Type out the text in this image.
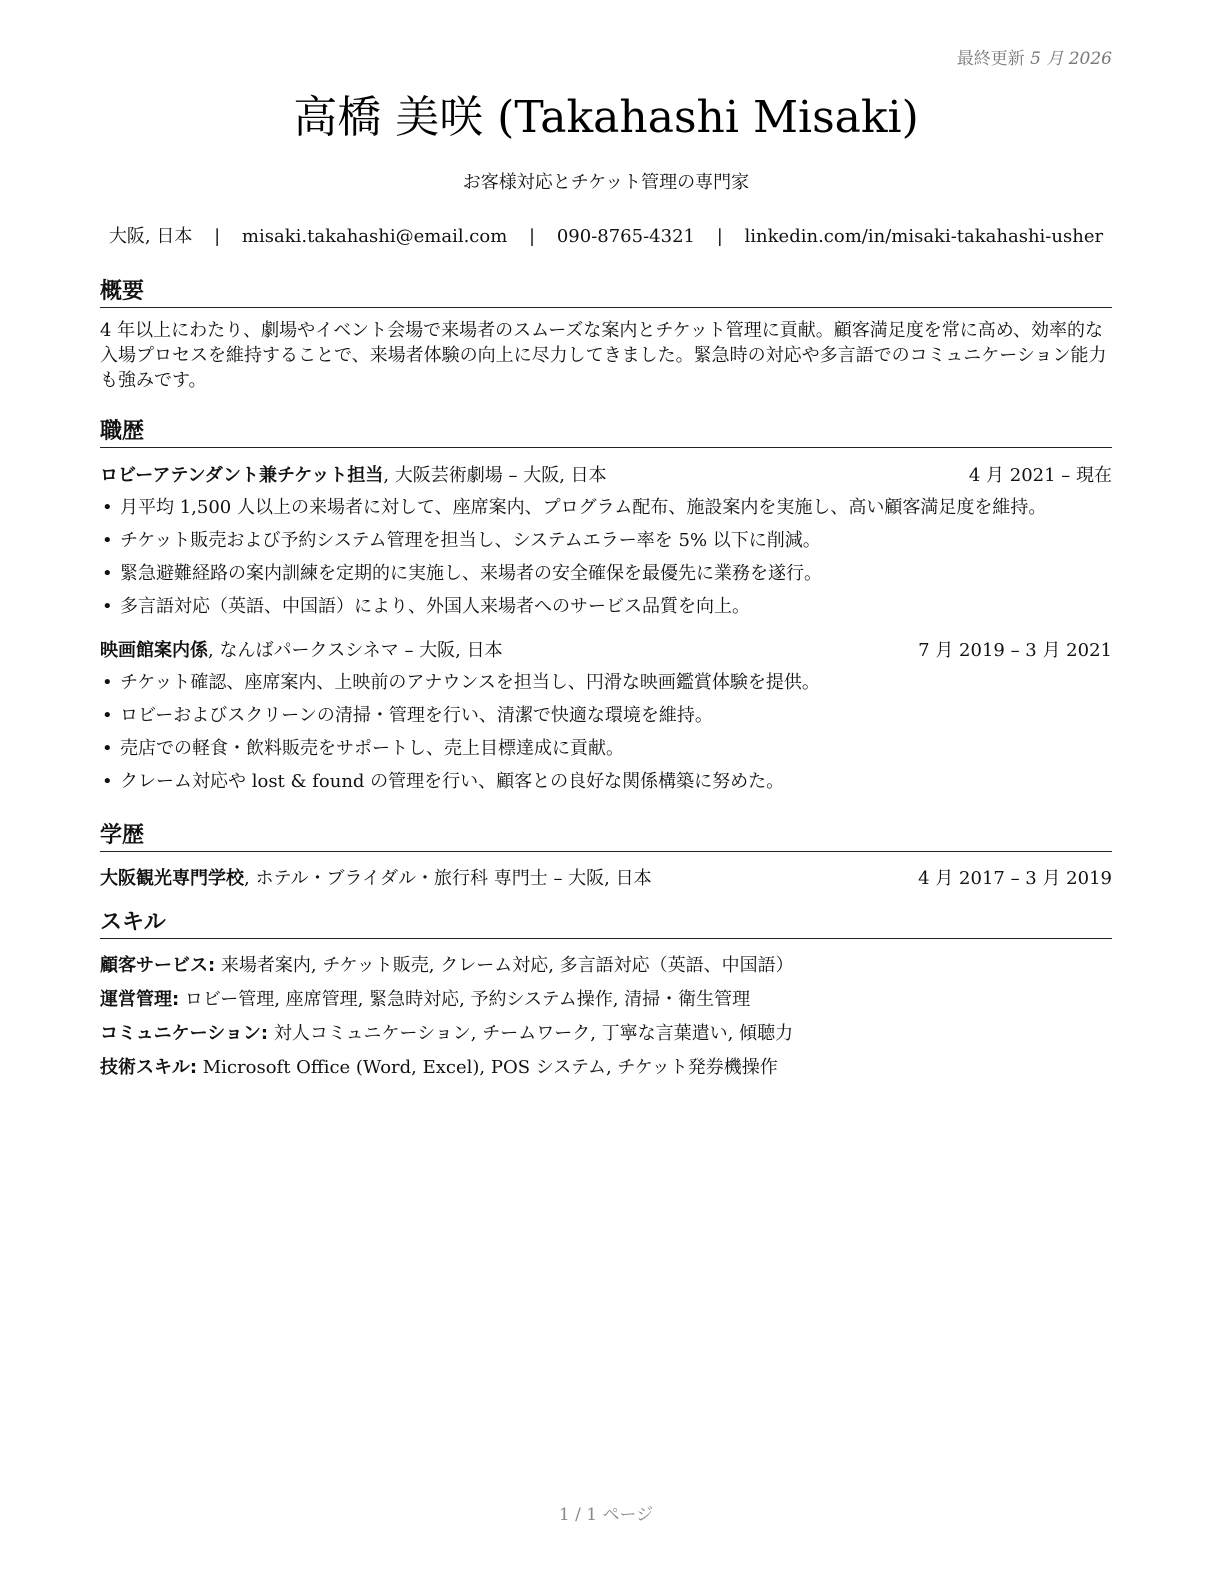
最終更新 5 月 2026
高橋 美咲 (Takahashi Misaki)
お客様対応とチケット管理の専門家
大阪, 日本 | misaki.takahashi@email.com | 090-8765-4321 | linkedin.com/in/misaki-takahashi-usher
概要
4 年以上にわたり、劇場やイベント会場で来場者のスムーズな案内とチケット管理に貢献。顧客満足度を常に高め、効率的な入場プロセスを維持することで、来場者体験の向上に尽力してきました。緊急時の対応や多言語でのコミュニケーション能力も強みです。
職歴
ロビーアテンダント兼チケット担当, 大阪芸術劇場 – 大阪, 日本	4 月 2021 – 現在
• 月平均 1,500 人以上の来場者に対して、座席案内、プログラム配布、施設案内を実施し、高い顧客満足度を維持。
• チケット販売および予約システム管理を担当し、システムエラー率を 5% 以下に削減。
• 緊急避難経路の案内訓練を定期的に実施し、来場者の安全確保を最優先に業務を遂行。
• 多言語対応（英語、中国語）により、外国人来場者へのサービス品質を向上。
映画館案内係, なんばパークスシネマ – 大阪, 日本	7 月 2019 – 3 月 2021
• チケット確認、座席案内、上映前のアナウンスを担当し、円滑な映画鑑賞体験を提供。
• ロビーおよびスクリーンの清掃・管理を行い、清潔で快適な環境を維持。
• 売店での軽食・飲料販売をサポートし、売上目標達成に貢献。
• クレーム対応や lost & found の管理を行い、顧客との良好な関係構築に努めた。
学歴
大阪観光専門学校, ホテル・ブライダル・旅行科 専門士 – 大阪, 日本	4 月 2017 – 3 月 2019
スキル
顧客サービス: 来場者案内, チケット販売, クレーム対応, 多言語対応（英語、中国語）
運営管理: ロビー管理, 座席管理, 緊急時対応, 予約システム操作, 清掃・衛生管理
コミュニケーション: 対人コミュニケーション, チームワーク, 丁寧な言葉遣い, 傾聴力
技術スキル: Microsoft Office (Word, Excel), POS システム, チケット発券機操作
1 / 1 ページ
